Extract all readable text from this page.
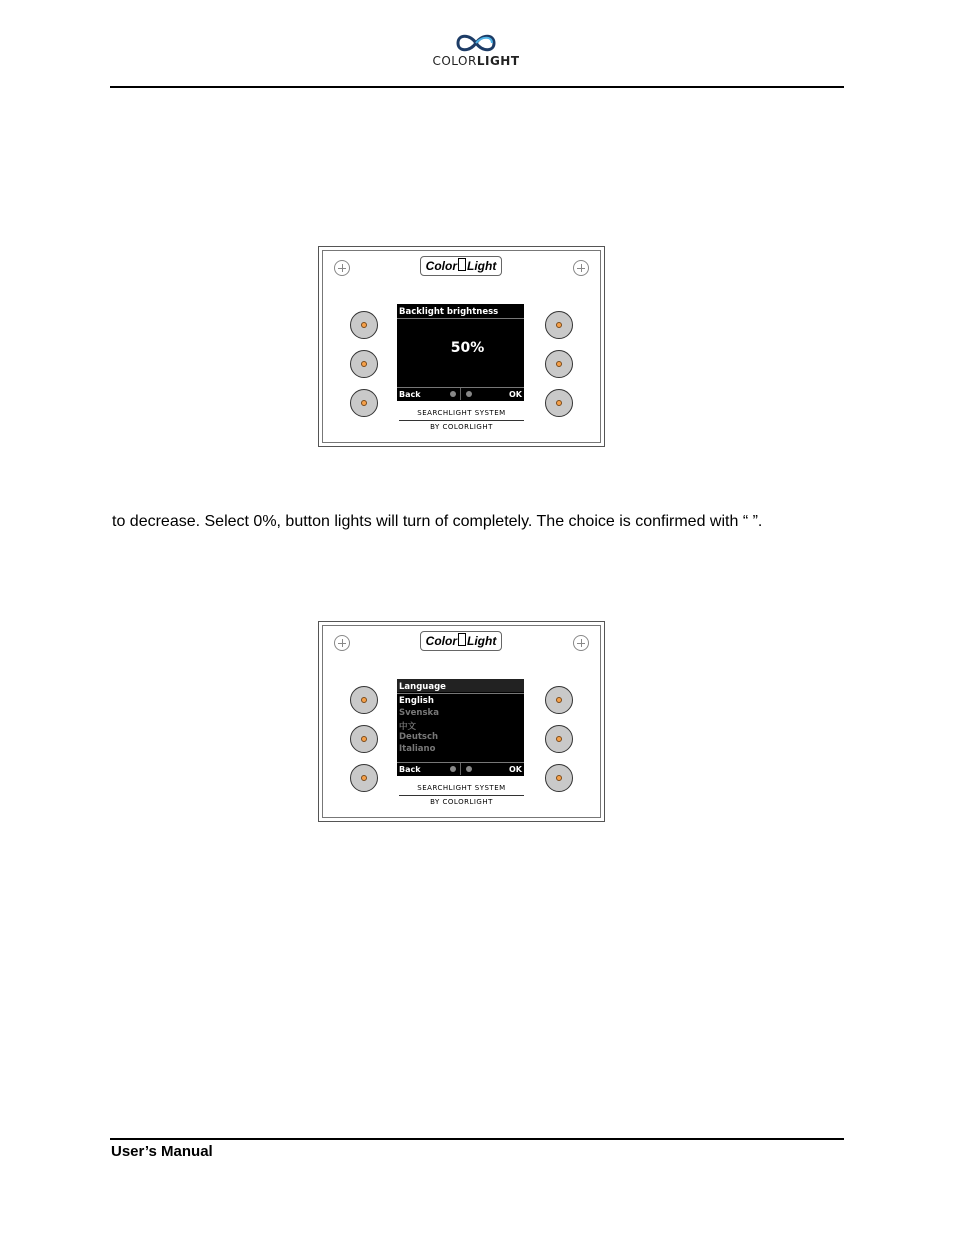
COLORLIGHT
Color Light
Backlight brightness
50%
Back	OK
SEARCHLIGHT SYSTEM
BY COLORLIGHT
to decrease. Select 0%, button lights will turn of completely. The choice is confirmed with “ ”.
Color Light
Language
English
Svenska
中文
Deutsch
Italiano
Back	OK
SEARCHLIGHT SYSTEM
BY COLORLIGHT
User’s Manual
